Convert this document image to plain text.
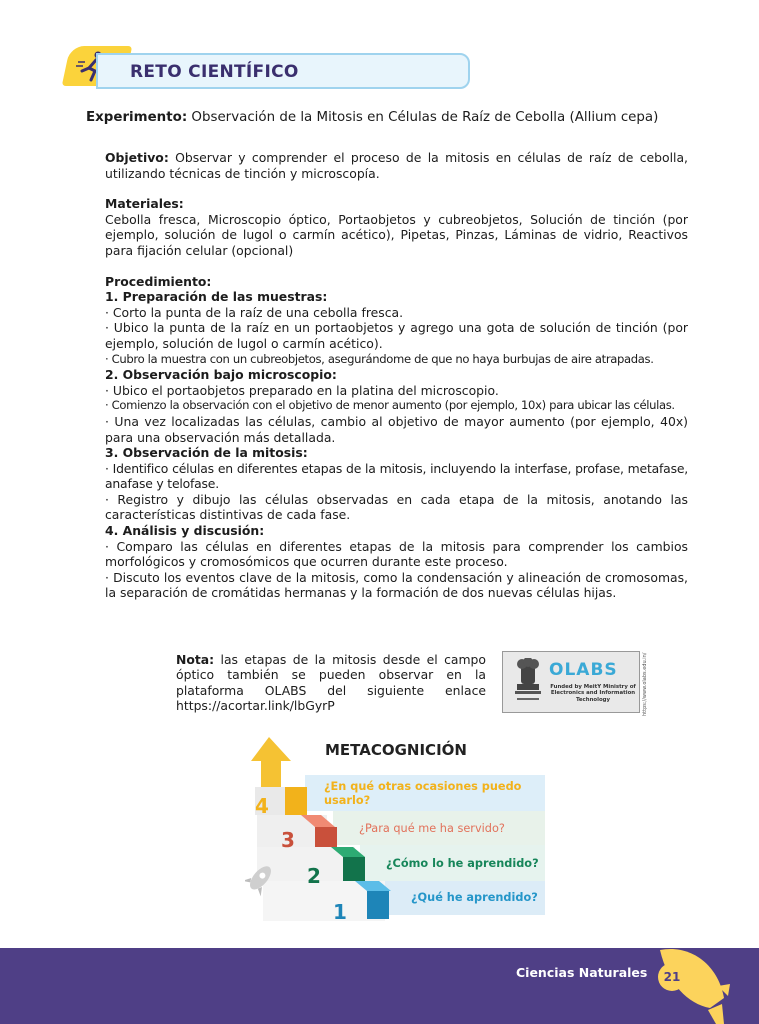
RETO CIENTÍFICO
Experimento: Observación de la Mitosis en Células de Raíz de Cebolla (Allium cepa)

Objetivo: Observar y comprender el proceso de la mitosis en células de raíz de cebolla, utilizando técnicas de tinción y microscopía.

Materiales:

Cebolla fresca, Microscopio óptico, Portaobjetos y cubreobjetos, Solución de tinción (por ejemplo, solución de lugol o carmín acético), Pipetas, Pinzas, Láminas de vidrio, Reactivos para fijación celular (opcional)

Procedimiento:

1. Preparación de las muestras:

· Corto la punta de la raíz de una cebolla fresca.

· Ubico la punta de la raíz en un portaobjetos y agrego una gota de solución de tinción (por ejemplo, solución de lugol o carmín acético).

· Cubro la muestra con un cubreobjetos, asegurándome de que no haya burbujas de aire atrapadas.

2. Observación bajo microscopio:

· Ubico el portaobjetos preparado en la platina del microscopio.

· Comienzo la observación con el objetivo de menor aumento (por ejemplo, 10x) para ubicar las células.

· Una vez localizadas las células, cambio al objetivo de mayor aumento (por ejemplo, 40x) para una observación más detallada.

3. Observación de la mitosis:

· Identifico células en diferentes etapas de la mitosis, incluyendo la interfase, profase, metafase, anafase y telofase.

· Registro y dibujo las células observadas en cada etapa de la mitosis, anotando las características distintivas de cada fase.

4. Análisis y discusión:

· Comparo las células en diferentes etapas de la mitosis para comprender los cambios morfológicos y cromosómicos que ocurren durante este proceso.

· Discuto los eventos clave de la mitosis, como la condensación y alineación de cromosomas, la separación de cromátidas hermanas y la formación de dos nuevas células hijas.

Nota: las etapas de la mitosis desde el campo óptico también se pueden observar en la plataforma OLABS del siguiente enlace https://acortar.link/lbGyrP
OLABS
Funded by MeitY Ministry of Electronics and Information Technology	https://www.olabs.edu.in/
METACOGNICIÓN
4
3
2
1
¿En qué otras ocasiones puedo usarlo?
¿Para qué me ha servido?
¿Cómo lo he aprendido?
¿Qué he aprendido?
Ciencias Naturales	21
